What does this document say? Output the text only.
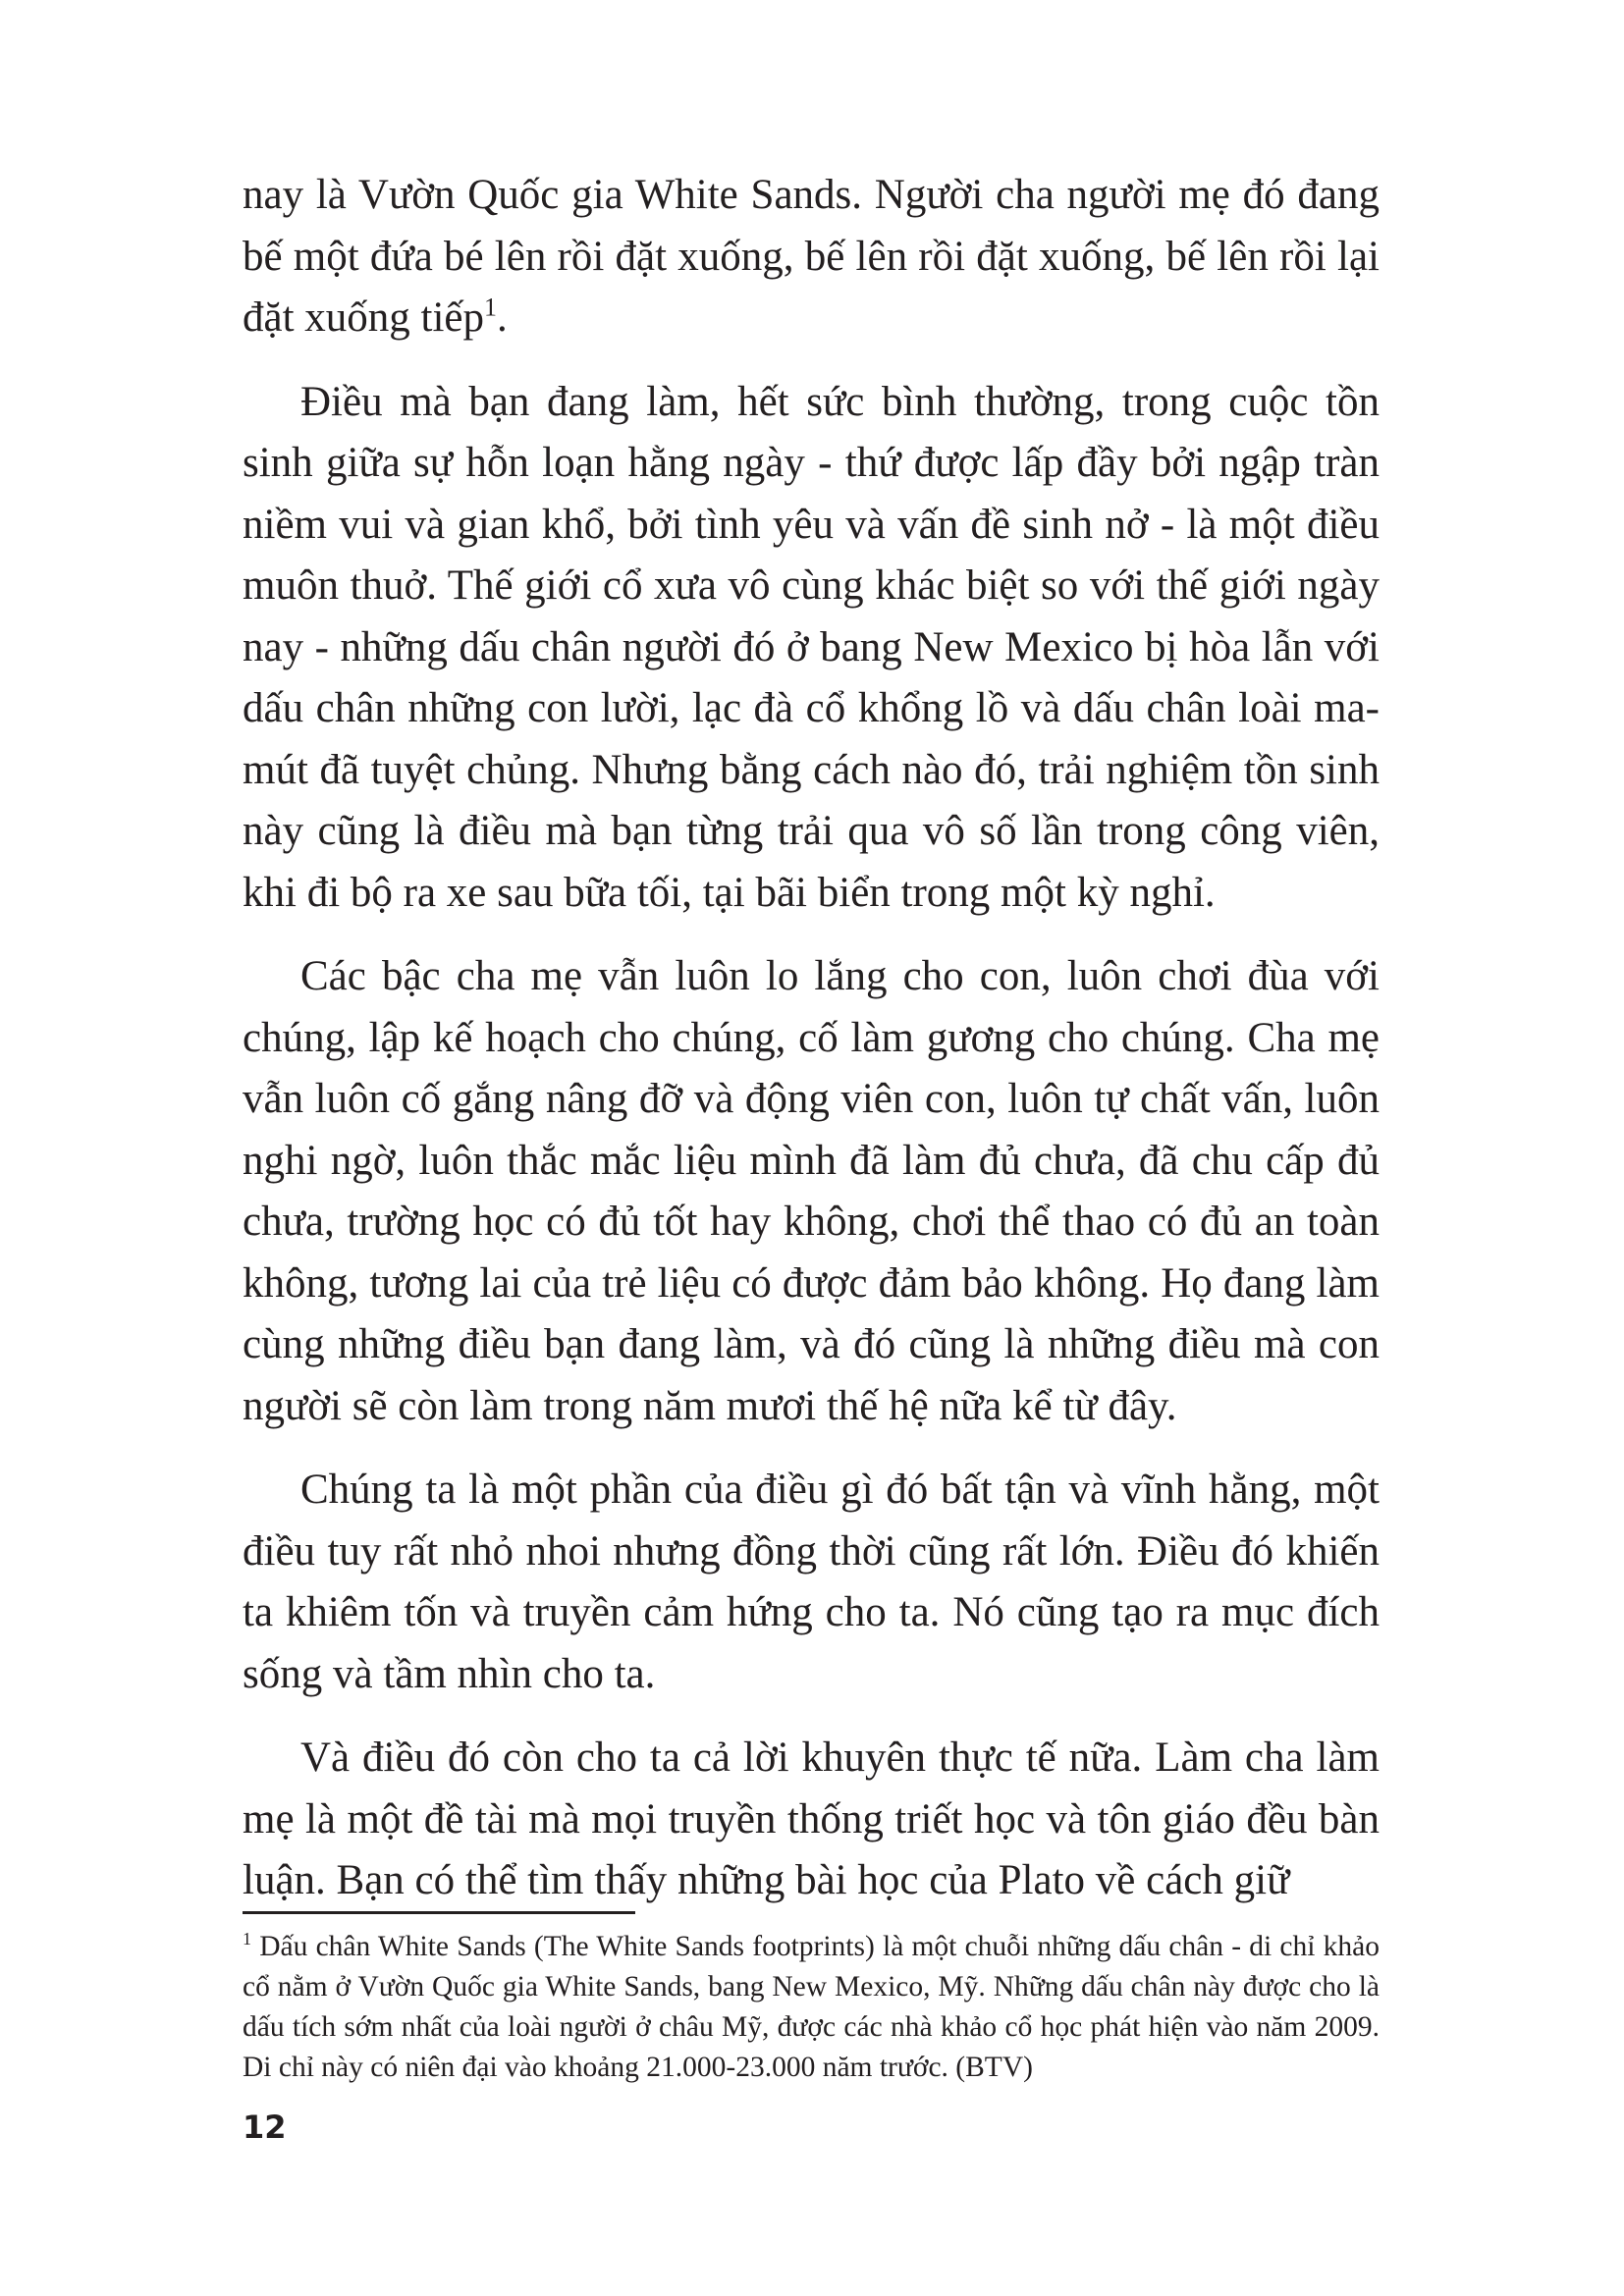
nay là Vườn Quốc gia White Sands. Người cha người mẹ đó đang bế một đứa bé lên rồi đặt xuống, bế lên rồi đặt xuống, bế lên rồi lại đặt xuống tiếp$^1$.

Điều mà bạn đang làm, hết sức bình thường, trong cuộc tồn sinh giữa sự hỗn loạn hằng ngày - thứ được lấp đầy bởi ngập tràn niềm vui và gian khổ, bởi tình yêu và vấn đề sinh nở - là một điều muôn thuở. Thế giới cổ xưa vô cùng khác biệt so với thế giới ngày nay - những dấu chân người đó ở bang New Mexico bị hòa lẫn với dấu chân những con lười, lạc đà cổ khổng lồ và dấu chân loài ma-mút đã tuyệt chủng. Nhưng bằng cách nào đó, trải nghiệm tồn sinh này cũng là điều mà bạn từng trải qua vô số lần trong công viên, khi đi bộ ra xe sau bữa tối, tại bãi biển trong một kỳ nghỉ.

Các bậc cha mẹ vẫn luôn lo lắng cho con, luôn chơi đùa với chúng, lập kế hoạch cho chúng, cố làm gương cho chúng. Cha mẹ vẫn luôn cố gắng nâng đỡ và động viên con, luôn tự chất vấn, luôn nghi ngờ, luôn thắc mắc liệu mình đã làm đủ chưa, đã chu cấp đủ chưa, trường học có đủ tốt hay không, chơi thể thao có đủ an toàn không, tương lai của trẻ liệu có được đảm bảo không. Họ đang làm cùng những điều bạn đang làm, và đó cũng là những điều mà con người sẽ còn làm trong năm mươi thế hệ nữa kể từ đây.

Chúng ta là một phần của điều gì đó bất tận và vĩnh hằng, một điều tuy rất nhỏ nhoi nhưng đồng thời cũng rất lớn. Điều đó khiến ta khiêm tốn và truyền cảm hứng cho ta. Nó cũng tạo ra mục đích sống và tầm nhìn cho ta.

Và điều đó còn cho ta cả lời khuyên thực tế nữa. Làm cha làm mẹ là một đề tài mà mọi truyền thống triết học và tôn giáo đều bàn luận. Bạn có thể tìm thấy những bài học của Plato về cách giữ

$^1$ Dấu chân White Sands (The White Sands footprints) là một chuỗi những dấu chân - di chỉ khảo cổ nằm ở Vườn Quốc gia White Sands, bang New Mexico, Mỹ. Những dấu chân này được cho là dấu tích sớm nhất của loài người ở châu Mỹ, được các nhà khảo cổ học phát hiện vào năm 2009. Di chỉ này có niên đại vào khoảng 21.000-23.000 năm trước. (BTV)

12
